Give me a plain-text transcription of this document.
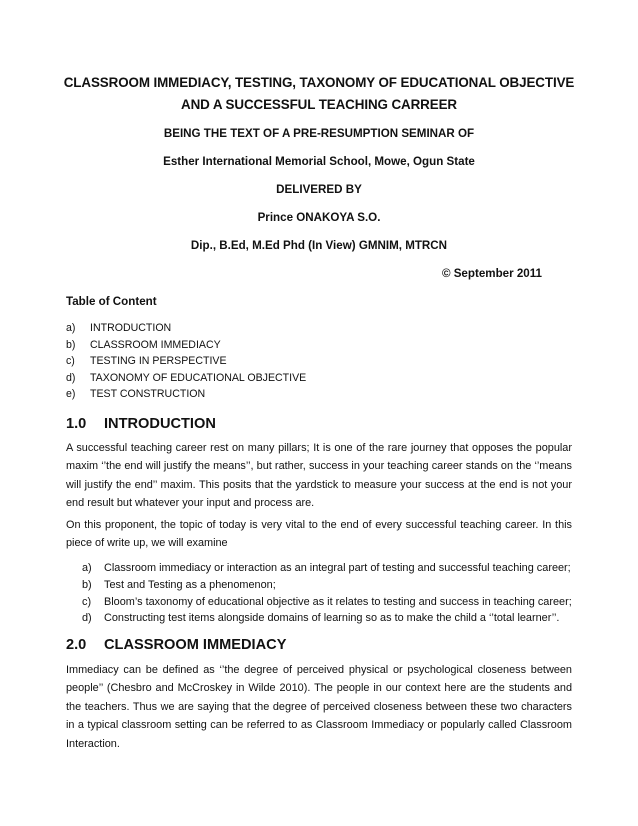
CLASSROOM IMMEDIACY, TESTING, TAXONOMY OF EDUCATIONAL OBJECTIVE
AND A SUCCESSFUL TEACHING CARREER
BEING THE TEXT OF A PRE-RESUMPTION SEMINAR OF
Esther International Memorial School, Mowe, Ogun State
DELIVERED BY
Prince ONAKOYA S.O.
Dip., B.Ed, M.Ed Phd (In View) GMNIM, MTRCN
© September 2011
Table of Content
a)	INTRODUCTION
b)	CLASSROOM IMMEDIACY
c)	TESTING IN PERSPECTIVE
d)	TAXONOMY OF EDUCATIONAL OBJECTIVE
e)	TEST CONSTRUCTION
1.0 INTRODUCTION

A successful teaching career rest on many pillars; It is one of the rare journey that opposes the popular maxim ‘’the end will justify the means’’, but rather, success in your teaching career stands on the ‘’means will justify the end’’ maxim. This posits that the yardstick to measure your success at the end is not your end result but whatever your input and process are.

On this proponent, the topic of today is very vital to the end of every successful teaching career. In this piece of write up, we will examine

a)	Classroom immediacy or interaction as an integral part of testing and successful teaching career;
b)	Test and Testing as a phenomenon;
c)	Bloom’s taxonomy of educational objective as it relates to testing and success in teaching career;
d)	Constructing test items alongside domains of learning so as to make the child a ‘’total learner’’.
2.0 CLASSROOM IMMEDIACY

Immediacy can be defined as ‘’the degree of perceived physical or psychological closeness between people’’ (Chesbro and McCroskey in Wilde 2010). The people in our context here are the students and the teachers. Thus we are saying that the degree of perceived closeness between these two characters in a typical classroom setting can be referred to as Classroom Immediacy or popularly called Classroom Interaction.
